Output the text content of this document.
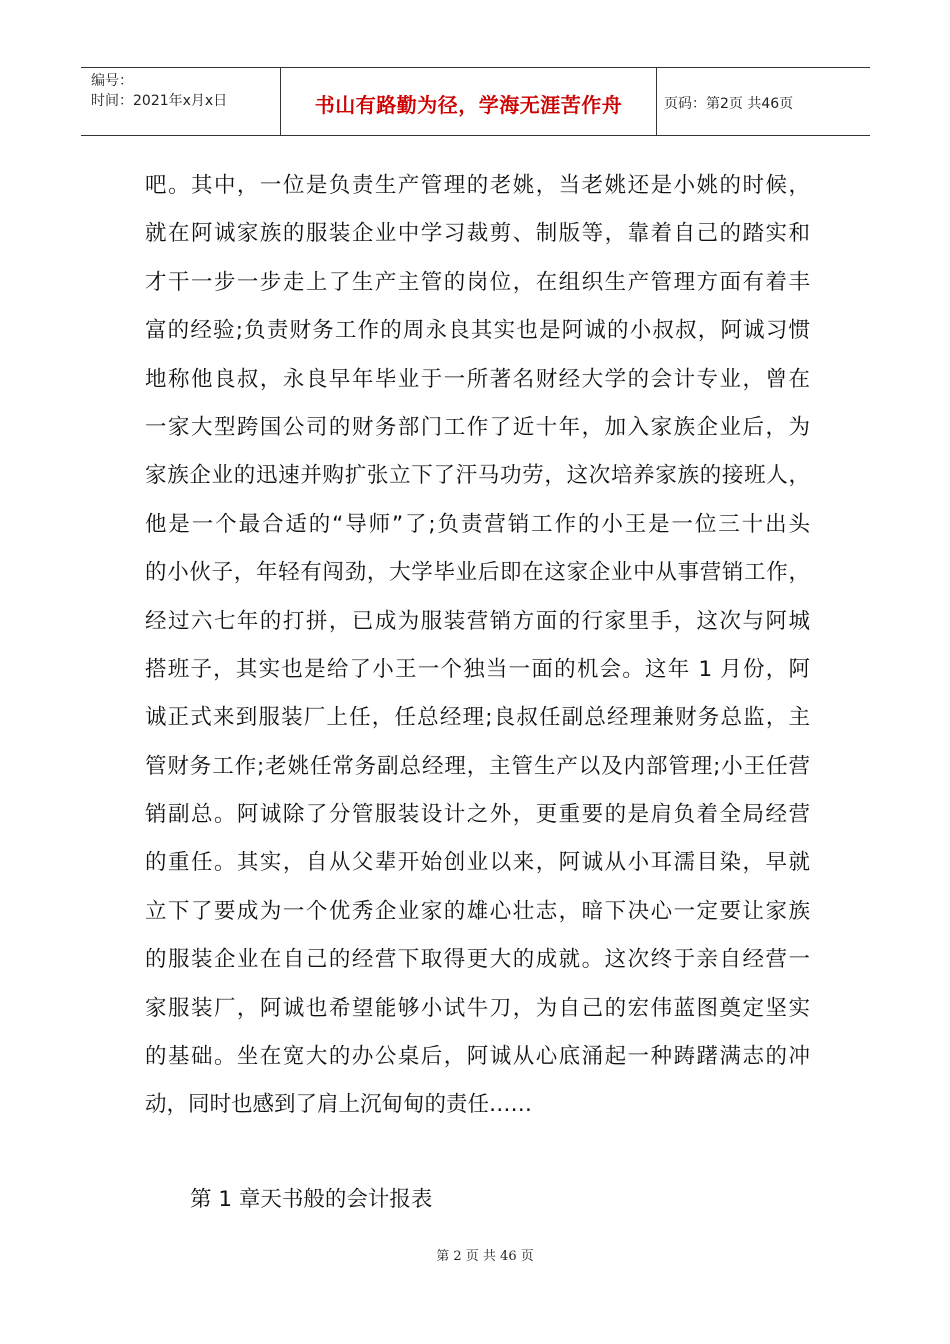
编号：
时间：2021年x月x日	书山有路勤为径，学海无涯苦作舟	页码：第2页 共46页
吧。其中，一位是负责生产管理的老姚，当老姚还是小姚的时候，
就在阿诚家族的服装企业中学习裁剪、制版等，靠着自己的踏实和
才干一步一步走上了生产主管的岗位，在组织生产管理方面有着丰
富的经验;负责财务工作的周永良其实也是阿诚的小叔叔，阿诚习惯
地称他良叔，永良早年毕业于一所著名财经大学的会计专业，曾在
一家大型跨国公司的财务部门工作了近十年，加入家族企业后，为
家族企业的迅速并购扩张立下了汗马功劳，这次培养家族的接班人，
他是一个最合适的“导师”了;负责营销工作的小王是一位三十出头
的小伙子，年轻有闯劲，大学毕业后即在这家企业中从事营销工作，
经过六七年的打拼，已成为服装营销方面的行家里手，这次与阿城
搭班子，其实也是给了小王一个独当一面的机会。这年 1 月份，阿
诚正式来到服装厂上任，任总经理;良叔任副总经理兼财务总监，主
管财务工作;老姚任常务副总经理，主管生产以及内部管理;小王任营
销副总。阿诚除了分管服装设计之外，更重要的是肩负着全局经营
的重任。其实，自从父辈开始创业以来，阿诚从小耳濡目染，早就
立下了要成为一个优秀企业家的雄心壮志，暗下决心一定要让家族
的服装企业在自己的经营下取得更大的成就。这次终于亲自经营一
家服装厂，阿诚也希望能够小试牛刀，为自己的宏伟蓝图奠定坚实
的基础。坐在宽大的办公桌后，阿诚从心底涌起一种踌躇满志的冲
动，同时也感到了肩上沉甸甸的责任……
第 1 章天书般的会计报表
第 2 页 共 46 页
